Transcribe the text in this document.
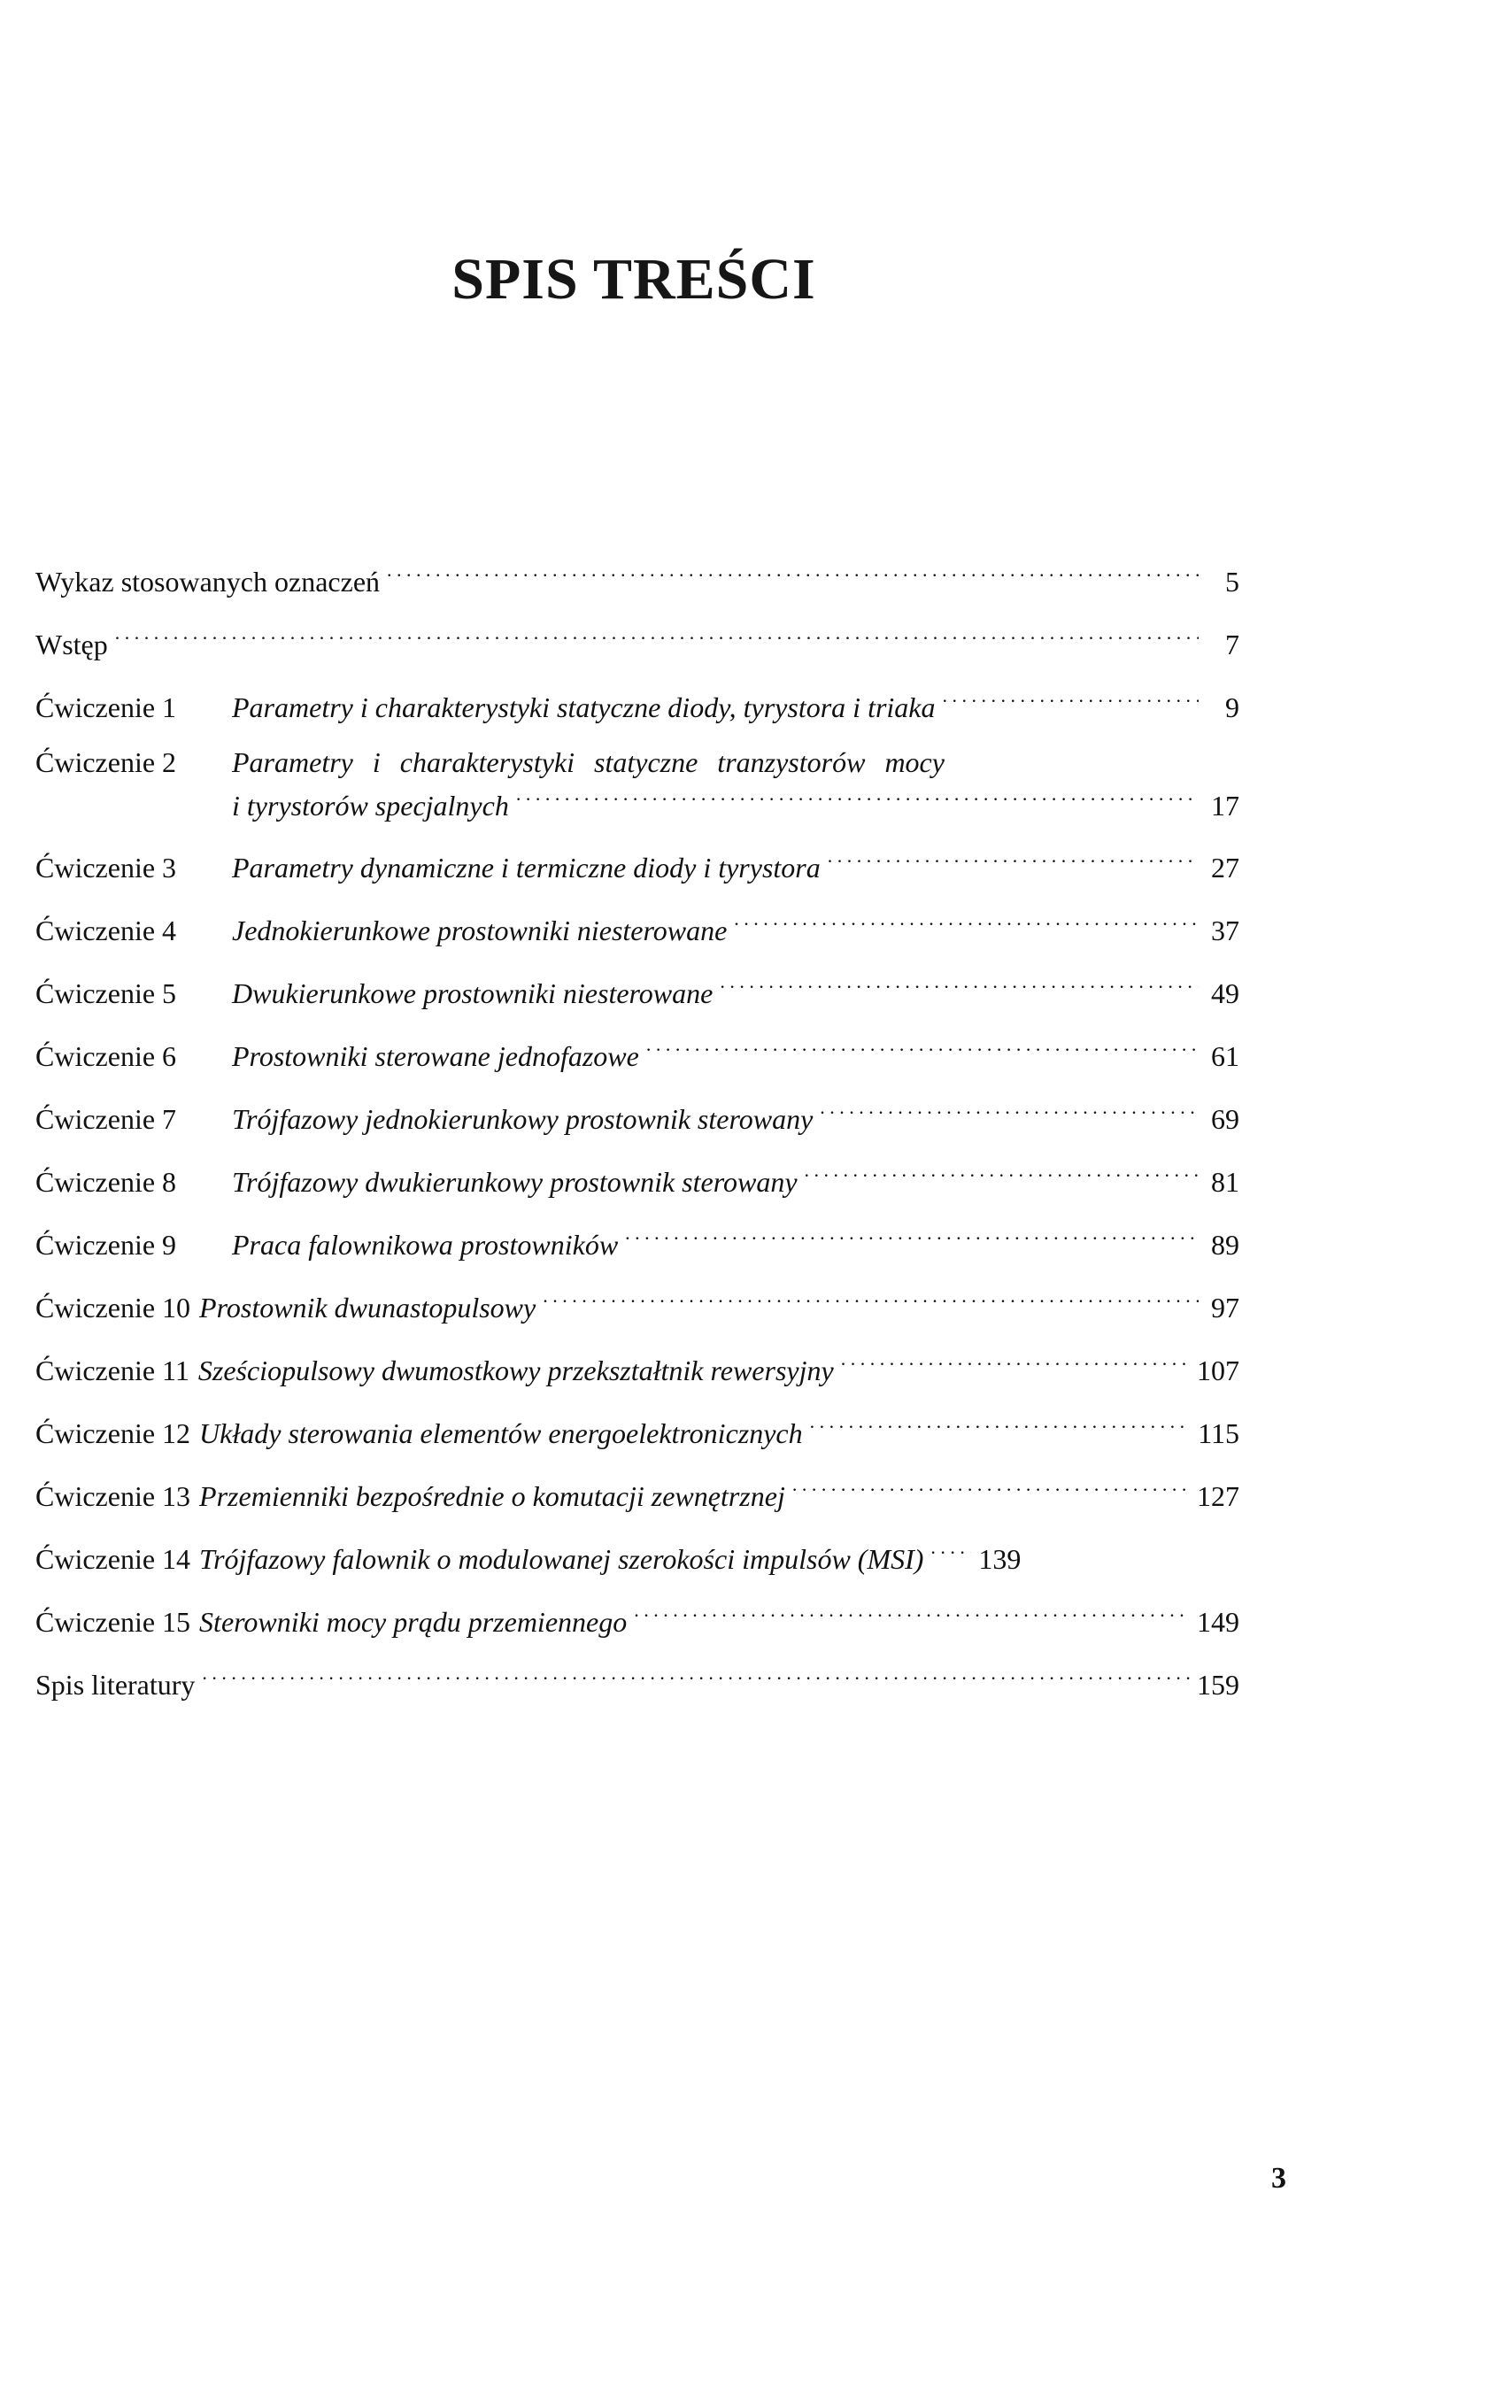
SPIS TREŚCI
Wykaz stosowanych oznaczeń . . .	5
Wstęp . . .	7
Ćwiczenie 1	Parametry i charakterystyki statyczne diody, tyrystora i triaka . . .	9
Ćwiczenie 2	Parametry i charakterystyki statyczne tranzystorów mocy
i tyrystorów specjalnych . . .	17
Ćwiczenie 3	Parametry dynamiczne i termiczne diody i tyrystora . . .	27
Ćwiczenie 4	Jednokierunkowe prostowniki niesterowane . . .	37
Ćwiczenie 5	Dwukierunkowe prostowniki niesterowane . . .	49
Ćwiczenie 6	Prostowniki sterowane jednofazowe . . .	61
Ćwiczenie 7	Trójfazowy jednokierunkowy prostownik sterowany . . .	69
Ćwiczenie 8	Trójfazowy dwukierunkowy prostownik sterowany . . .	81
Ćwiczenie 9	Praca falownikowa prostowników . . .	89
Ćwiczenie 10 Prostownik dwunastopulsowy . . .	97
Ćwiczenie 11 Sześciopulsowy dwumostkowy przekształtnik rewersyjny . . .	107
Ćwiczenie 12 Układy sterowania elementów energoelektronicznych . . .	115
Ćwiczenie 13 Przemienniki bezpośrednie o komutacji zewnętrznej . . .	127
Ćwiczenie 14 Trójfazowy falownik o modulowanej szerokości impulsów (MSI) . . . 139
Ćwiczenie 15 Sterowniki mocy prądu przemiennego . . .	149
Spis literatury . . .	159
3
